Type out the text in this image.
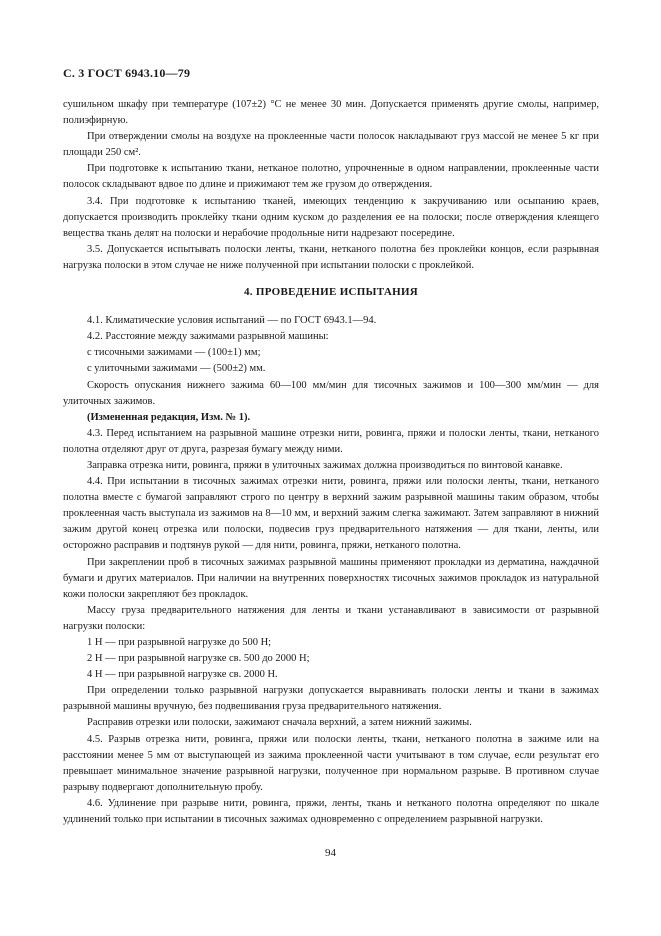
С. 3 ГОСТ 6943.10—79

сушильном шкафу при температуре (107±2) °С не менее 30 мин. Допускается применять другие смолы, например, полиэфирную.

При отверждении смолы на воздухе на проклеенные части полосок накладывают груз массой не менее 5 кг при площади 250 см².

При подготовке к испытанию ткани, нетканое полотно, упрочненные в одном направлении, проклеенные части полосок складывают вдвое по длине и прижимают тем же грузом до отверждения.

3.4. При подготовке к испытанию тканей, имеющих тенденцию к закручиванию или осыпанию краев, допускается производить проклейку ткани одним куском до разделения ее на полоски; после отверждения клеящего вещества ткань делят на полоски и нерабочие продольные нити надрезают посередине.

3.5. Допускается испытывать полоски ленты, ткани, нетканого полотна без проклейки концов, если разрывная нагрузка полоски в этом случае не ниже полученной при испытании полоски с проклейкой.

4. ПРОВЕДЕНИЕ ИСПЫТАНИЯ

4.1. Климатические условия испытаний — по ГОСТ 6943.1—94.

4.2. Расстояние между зажимами разрывной машины:

с тисочными зажимами — (100±1) мм;

с улиточными зажимами — (500±2) мм.

Скорость опускания нижнего зажима 60—100 мм/мин для тисочных зажимов и 100—300 мм/мин — для улиточных зажимов.

(Измененная редакция, Изм. № 1).

4.3. Перед испытанием на разрывной машине отрезки нити, ровинга, пряжи и полоски ленты, ткани, нетканого полотна отделяют друг от друга, разрезая бумагу между ними.

Заправка отрезка нити, ровинга, пряжи в улиточных зажимах должна производиться по винтовой канавке.

4.4. При испытании в тисочных зажимах отрезки нити, ровинга, пряжи или полоски ленты, ткани, нетканого полотна вместе с бумагой заправляют строго по центру в верхний зажим разрывной машины таким образом, чтобы проклеенная часть выступала из зажимов на 8—10 мм, и верхний зажим слегка зажимают. Затем заправляют в нижний зажим другой конец отрезка или полоски, подвесив груз предварительного натяжения — для ткани, ленты, или осторожно расправив и подтянув рукой — для нити, ровинга, пряжи, нетканого полотна.

При закреплении проб в тисочных зажимах разрывной машины применяют прокладки из дерматина, наждачной бумаги и других материалов. При наличии на внутренних поверхностях тисочных зажимов прокладок из натуральной кожи полоски закрепляют без прокладок.

Массу груза предварительного натяжения для ленты и ткани устанавливают в зависимости от разрывной нагрузки полоски:

1 Н — при разрывной нагрузке до 500 Н;

2 Н — при разрывной нагрузке св. 500 до 2000 Н;

4 Н — при разрывной нагрузке св. 2000 Н.

При определении только разрывной нагрузки допускается выравнивать полоски ленты и ткани в зажимах разрывной машины вручную, без подвешивания груза предварительного натяжения.

Расправив отрезки или полоски, зажимают сначала верхний, а затем нижний зажимы.

4.5. Разрыв отрезка нити, ровинга, пряжи или полоски ленты, ткани, нетканого полотна в зажиме или на расстоянии менее 5 мм от выступающей из зажима проклеенной части учитывают в том случае, если результат его превышает минимальное значение разрывной нагрузки, полученное при нормальном разрыве. В противном случае разрыву подвергают дополнительную пробу.

4.6. Удлинение при разрыве нити, ровинга, пряжи, ленты, ткань и нетканого полотна определяют по шкале удлинений только при испытании в тисочных зажимах одновременно с определением разрывной нагрузки.

94
